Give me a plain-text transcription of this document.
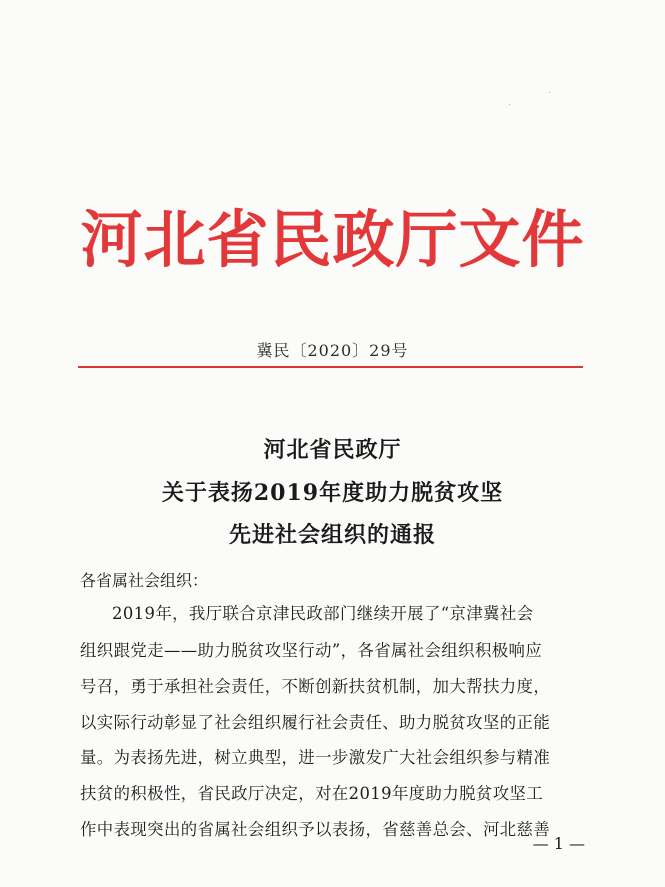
·
·
河北省民政厅文件
冀民〔2020〕29号
河北省民政厅
关于表扬2019年度助力脱贫攻坚
先进社会组织的通报
各省属社会组织：
2019年，我厅联合京津民政部门继续开展了“京津冀社会
组织跟党走——助力脱贫攻坚行动”，各省属社会组织积极响应
号召，勇于承担社会责任，不断创新扶贫机制，加大帮扶力度，
以实际行动彰显了社会组织履行社会责任、助力脱贫攻坚的正能
量。为表扬先进，树立典型，进一步激发广大社会组织参与精准
扶贫的积极性，省民政厅决定，对在2019年度助力脱贫攻坚工
作中表现突出的省属社会组织予以表扬，省慈善总会、河北慈善
— 1 —
